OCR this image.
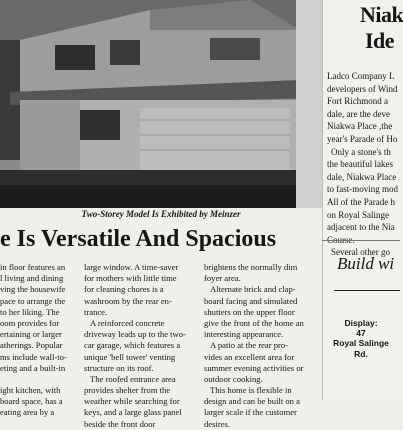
Two-Storey Model Is Exhibited by Meinzer
Niak
Ide
Ladco Company L
developers of Wind
Fort Richmond a
dale, are the deve
Niakwa Place ,the
year's Parade of Ho
Only a stone's th
the beautiful lakes
dale, Niakwa Place
to fast-moving mod
All of the Parade h
on Royal Salinge
adjacent to the Nia
Course.
Several other go
Build wi
Display:
47
Royal Salinge
Rd.
e Is Versatile And Spacious
in floor features an
l living and dining
ving the housewife
pace to arrange the
to her liking. The
oom provides for
ertaining or larger
atherings. Popular
ms include wall-to-
eting and a built-in
ight kitchen, with
board space, has a
eating area by a
large window. A time-saver
for mothers with little time
for cleaning chores is a
washroom by the rear en-
trance.
A reinforced concrete
driveway leads up to the two-
car garage, which features a
unique 'bell tower' venting
structure on its roof.
The roofed entrance area
provides shelter from the
weather while searching for
keys, and a large glass panel
beside the front door
brightens the normally dim
foyer area.
Alternate brick and clap-
board facing and simulated
shutters on the upper floor
give the front of the home an
interesting appearance.
A patio at the rear pro-
vides an excellent area for
summer evening activities or
outdoor cooking.
This home is flexible in
design and can be built on a
larger scale if the customer
desires.
